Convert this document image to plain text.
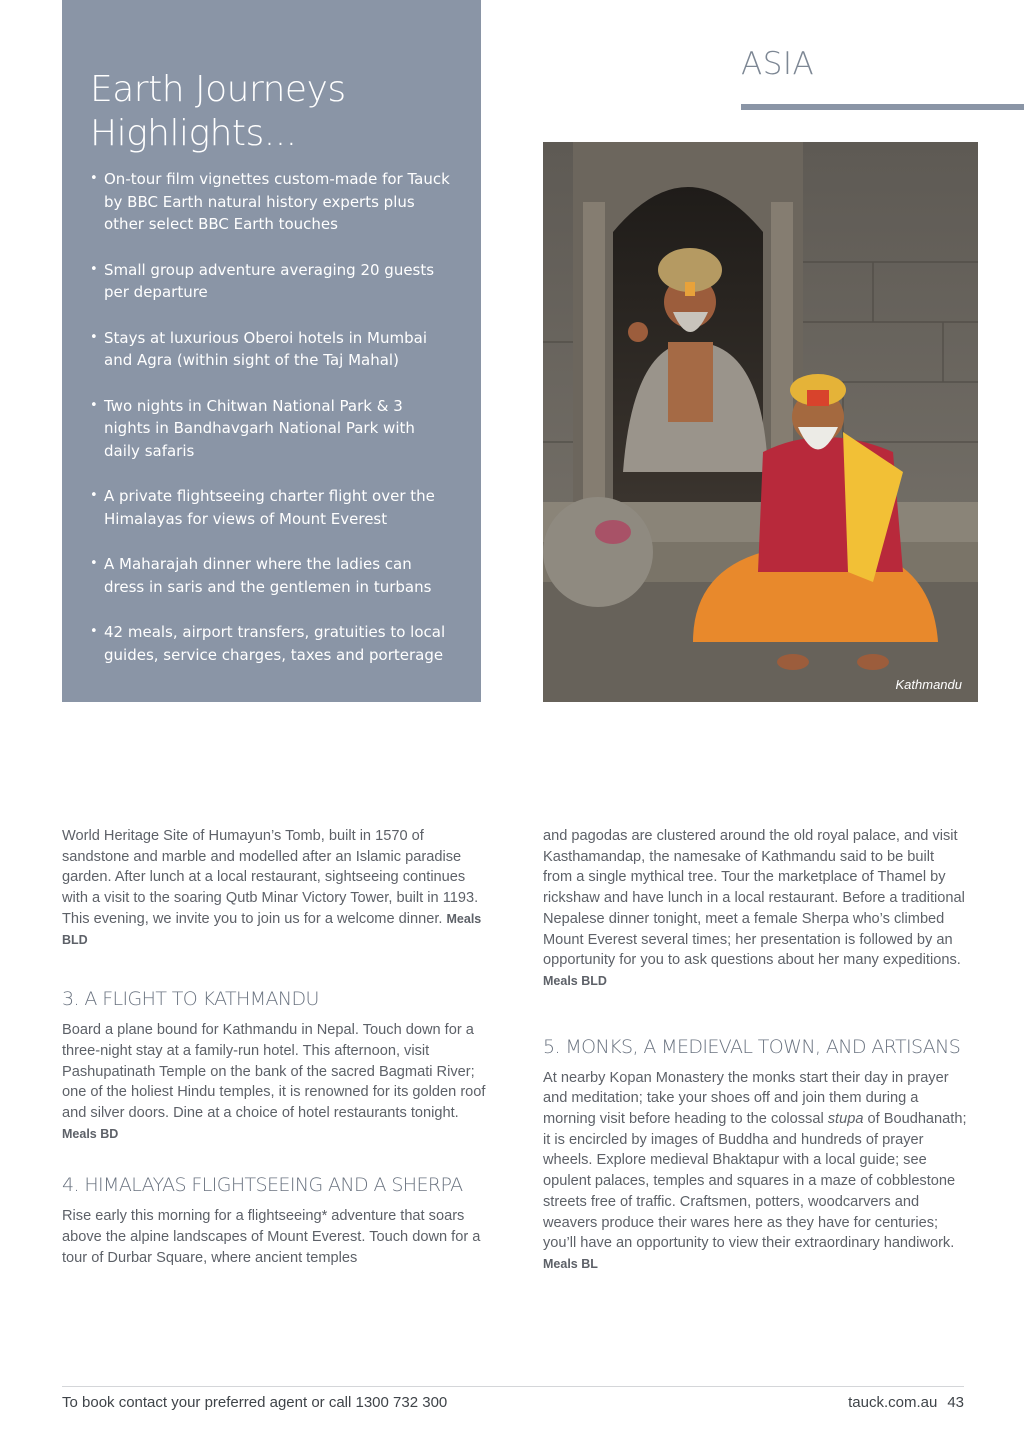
Earth Journeys
Highlights...
• On-tour film vignettes custom-made for Tauck by BBC Earth natural history experts plus other select BBC Earth touches
• Small group adventure averaging 20 guests per departure
• Stays at luxurious Oberoi hotels in Mumbai and Agra (within sight of the Taj Mahal)
• Two nights in Chitwan National Park & 3 nights in Bandhavgarh National Park with daily safaris
• A private flightseeing charter flight over the Himalayas for views of Mount Everest
• A Maharajah dinner where the ladies can dress in saris and the gentlemen in turbans
• 42 meals, airport transfers, gratuities to local guides, service charges, taxes and porterage
ASIA
Kathmandu

World Heritage Site of Humayun’s Tomb, built in 1570 of sandstone and marble and modelled after an Islamic paradise garden. After lunch at a local restaurant, sightseeing continues with a visit to the soaring Qutb Minar Victory Tower, built in 1193. This evening, we invite you to join us for a welcome dinner. Meals BLD

3. A FLIGHT TO KATHMANDU

Board a plane bound for Kathmandu in Nepal. Touch down for a three-night stay at a family-run hotel. This afternoon, visit Pashupatinath Temple on the bank of the sacred Bagmati River; one of the holiest Hindu temples, it is renowned for its golden roof and silver doors. Dine at a choice of hotel restaurants tonight. Meals BD

4. HIMALAYAS FLIGHTSEEING AND A SHERPA

Rise early this morning for a flightseeing* adventure that soars above the alpine landscapes of Mount Everest. Touch down for a tour of Durbar Square, where ancient temples

and pagodas are clustered around the old royal palace, and visit Kasthamandap, the namesake of Kathmandu said to be built from a single mythical tree. Tour the marketplace of Thamel by rickshaw and have lunch in a local restaurant. Before a traditional Nepalese dinner tonight, meet a female Sherpa who’s climbed Mount Everest several times; her presentation is followed by an opportunity for you to ask questions about her many expeditions. Meals BLD

5. MONKS, A MEDIEVAL TOWN, AND ARTISANS

At nearby Kopan Monastery the monks start their day in prayer and meditation; take your shoes off and join them during a morning visit before heading to the colossal stupa of Boudhanath; it is encircled by images of Buddha and hundreds of prayer wheels. Explore medieval Bhaktapur with a local guide; see opulent palaces, temples and squares in a maze of cobblestone streets free of traffic. Craftsmen, potters, woodcarvers and weavers produce their wares here as they have for centuries; you’ll have an opportunity to view their extraordinary handiwork. Meals BL

To book contact your preferred agent or call 1300 732 300	tauck.com.au 43
